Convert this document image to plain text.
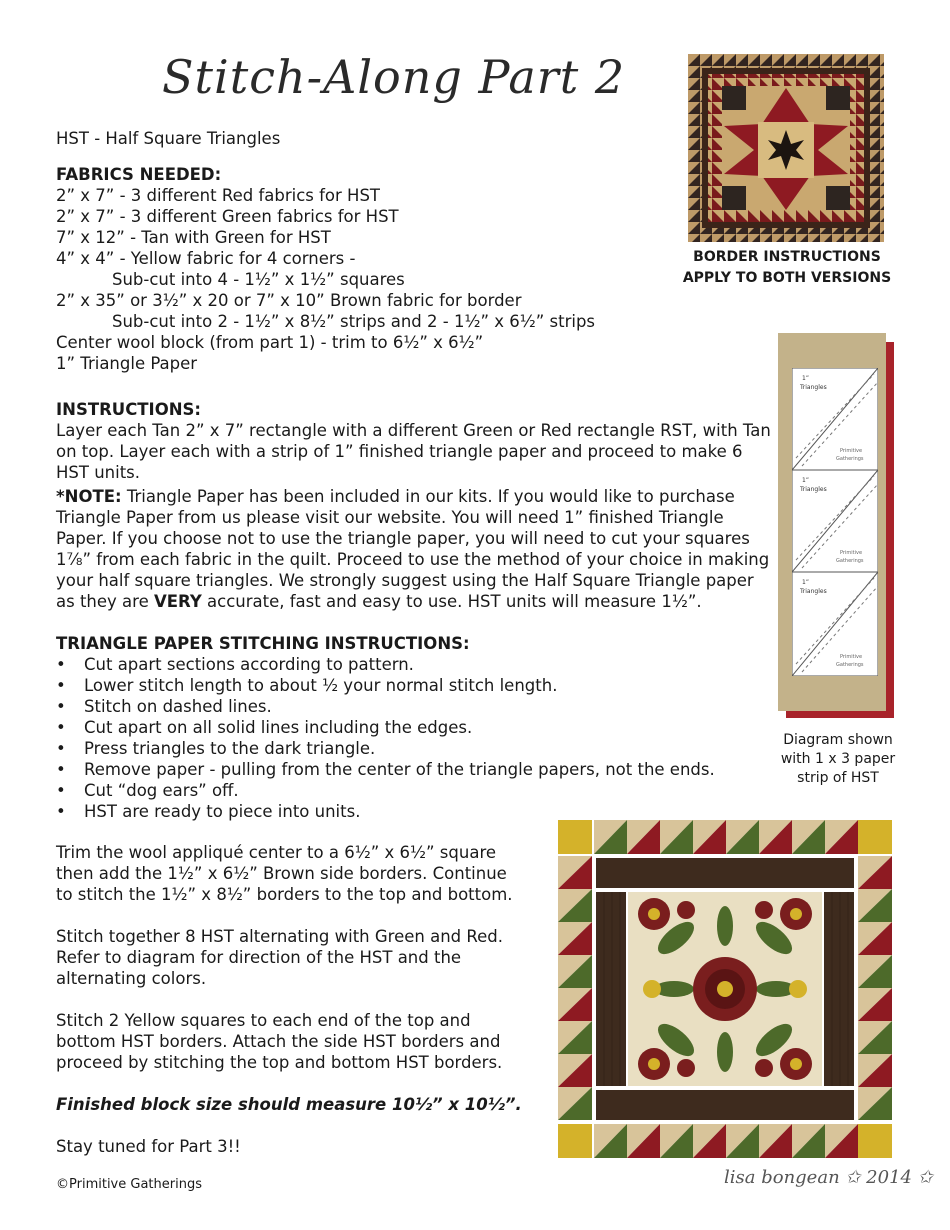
Stitch-Along Part 2
HST - Half Square Triangles
FABRICS NEEDED:
2” x 7” - 3 different Red fabrics for HST
2” x 7” - 3 different Green fabrics for HST
7” x 12” - Tan with Green for HST
4” x 4” - Yellow fabric for 4 corners -
Sub-cut into 4 - 1½” x 1½” squares
2” x 35” or 3½” x 20 or 7” x 10” Brown fabric for border
Sub-cut into 2 - 1½” x 8½” strips and 2 - 1½” x 6½” strips
Center wool block (from part 1) - trim to 6½” x 6½”
1” Triangle Paper
INSTRUCTIONS:
Layer each Tan 2” x 7” rectangle with a different Green or Red rectangle RST, with Tan on top. Layer each with a strip of 1” finished triangle paper and proceed to make 6 HST units.
*NOTE: Triangle Paper has been included in our kits. If you would like to purchase Triangle Paper from us please visit our website. You will need 1” finished Triangle Paper. If you choose not to use the triangle paper, you will need to cut your squares 1⅞” from each fabric in the quilt. Proceed to use the method of your choice in making your half square triangles. We strongly suggest using the Half Square Triangle paper as they are VERY accurate, fast and easy to use. HST units will measure 1½”.
TRIANGLE PAPER STITCHING INSTRUCTIONS:
• Cut apart sections according to pattern.
• Lower stitch length to about ½ your normal stitch length.
• Stitch on dashed lines.
• Cut apart on all solid lines including the edges.
• Press triangles to the dark triangle.
• Remove paper - pulling from the center of the triangle papers, not the ends.
• Cut “dog ears” off.
• HST are ready to piece into units.
Trim the wool appliqué center to a 6½” x 6½” square then add the 1½” x 6½” Brown side borders. Continue to stitch the 1½” x 8½” borders to the top and bottom.
Stitch together 8 HST alternating with Green and Red. Refer to diagram for direction of the HST and the alternating colors.
Stitch 2 Yellow squares to each end of the top and bottom HST borders. Attach the side HST borders and proceed by stitching the top and bottom HST borders.
Finished block size should measure 10½” x 10½”.
Stay tuned for Part 3!!
BORDER INSTRUCTIONS
APPLY TO BOTH VERSIONS
1”
Triangles
Primitive
Gatherings
1”
Triangles
Primitive
Gatherings
1”
Triangles
Primitive
Gatherings
Diagram shown with 1 x 3 paper strip of HST
©Primitive Gatherings	lisa bongean ✩ 2014 ✩
